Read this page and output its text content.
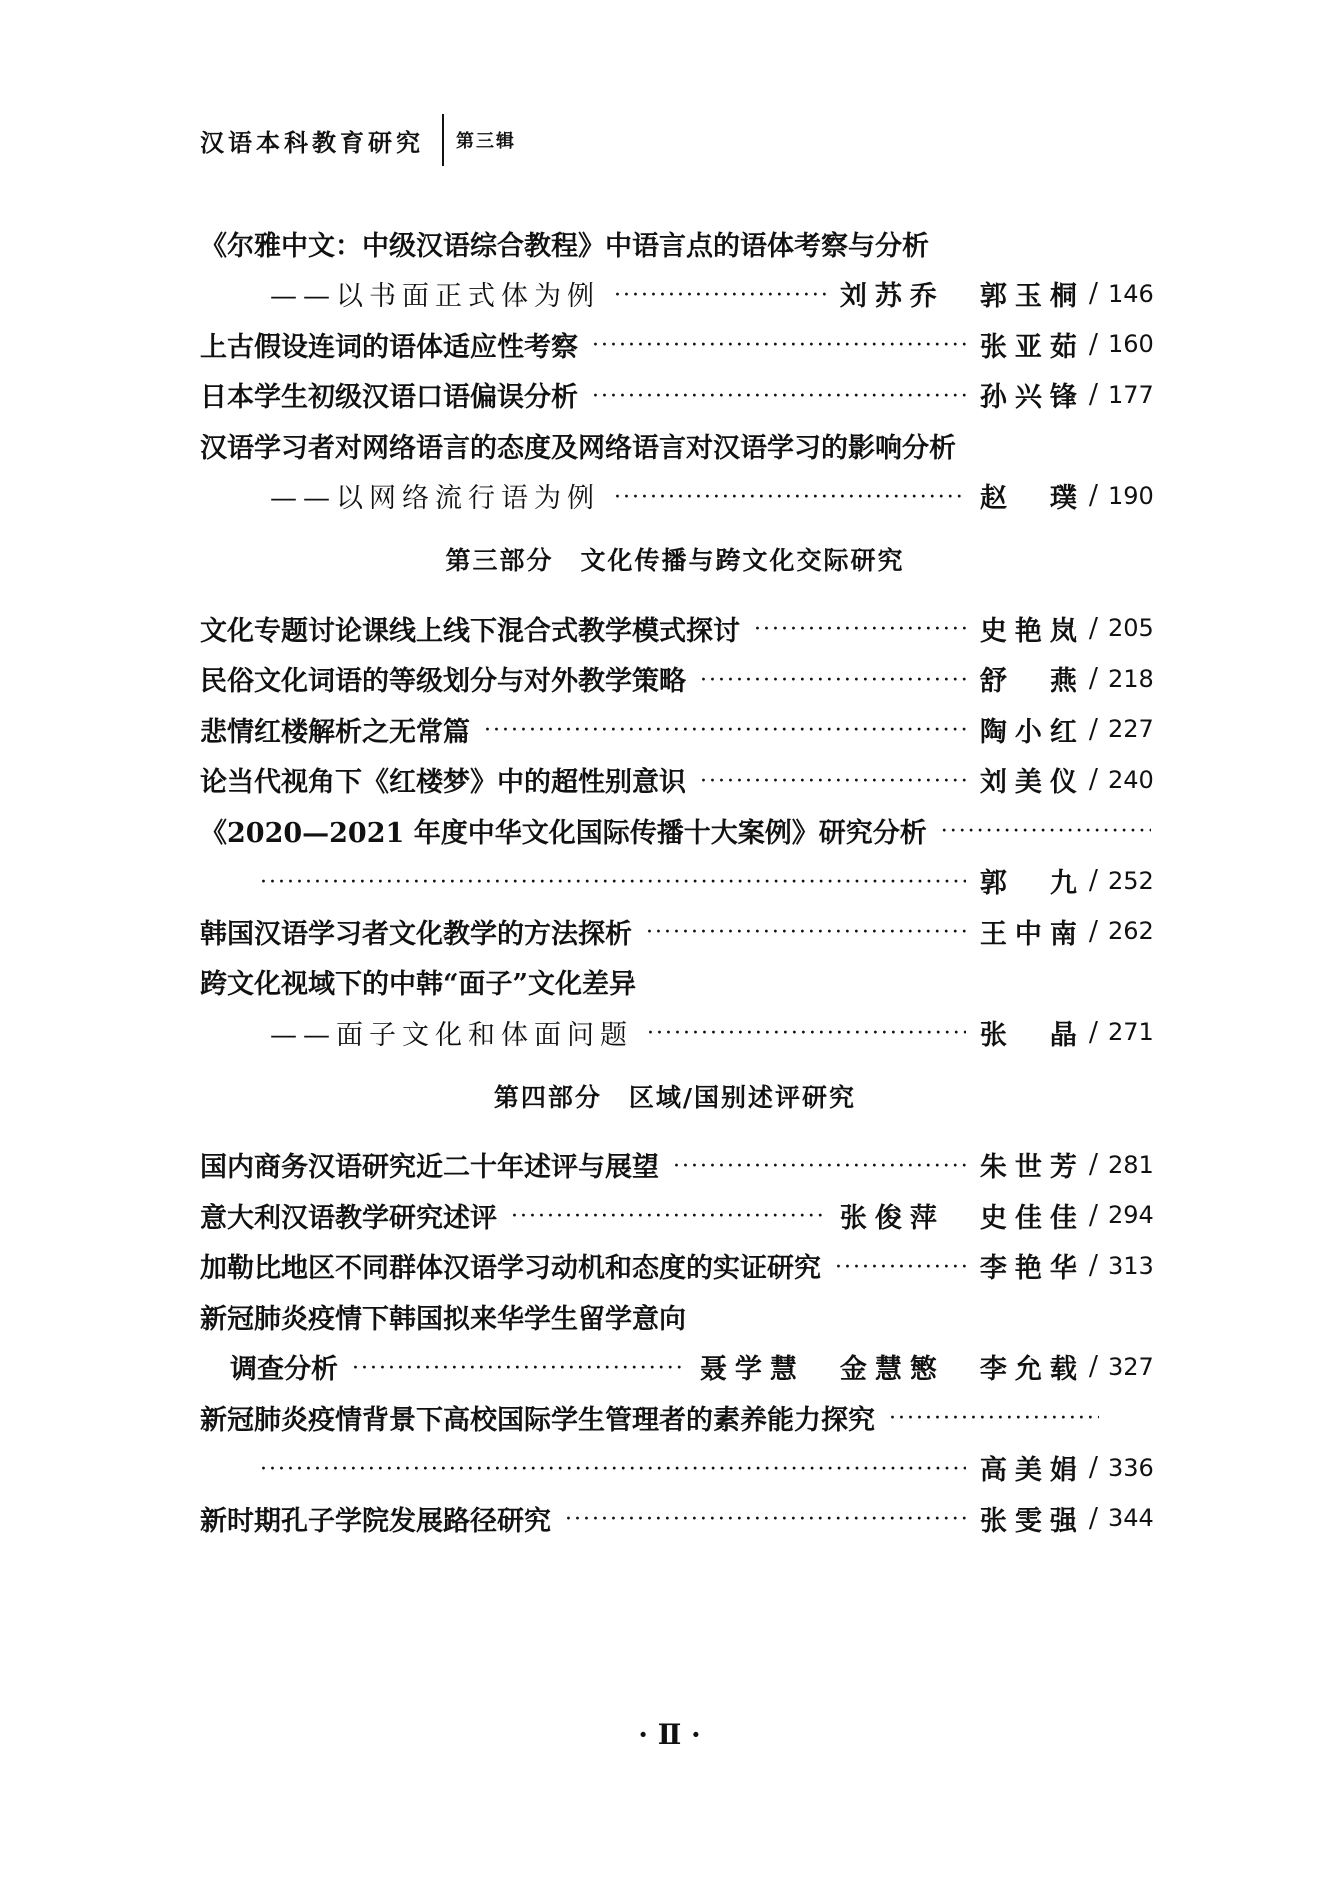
汉语本科教育研究 第三辑
《尔雅中文：中级汉语综合教程》中语言点的语体考察与分析
——以书面正式体为例 ·····	刘苏乔　郭玉桐 / 146
上古假设连词的语体适应性考察 ·····	张亚茹 / 160
日本学生初级汉语口语偏误分析 ·····	孙兴锋 / 177
汉语学习者对网络语言的态度及网络语言对汉语学习的影响分析
——以网络流行语为例 ·····	赵　璞 / 190
第三部分　文化传播与跨文化交际研究
文化专题讨论课线上线下混合式教学模式探讨 ·····	史艳岚 / 205
民俗文化词语的等级划分与对外教学策略 ·····	舒　燕 / 218
悲情红楼解析之无常篇 ·····	陶小红 / 227
论当代视角下《红楼梦》中的超性别意识 ·····	刘美仪 / 240
《2020—2021 年度中华文化国际传播十大案例》研究分析
·····
·····
郭　九 / 252
韩国汉语学习者文化教学的方法探析 ·····	王中南 / 262
跨文化视域下的中韩“面子”文化差异
——面子文化和体面问题 ·····	张　晶 / 271
第四部分　区域/国别述评研究
国内商务汉语研究近二十年述评与展望 ·····	朱世芳 / 281
意大利汉语教学研究述评 ·····	张俊萍　史佳佳 / 294
加勒比地区不同群体汉语学习动机和态度的实证研究 ·····	李艳华 / 313
新冠肺炎疫情下韩国拟来华学生留学意向
调查分析 ·····	聂学慧　金慧慜　李允载 / 327
新冠肺炎疫情背景下高校国际学生管理者的素养能力探究
·····
·····
高美娟 / 336
新时期孔子学院发展路径研究 ·····	张雯强 / 344
· Ⅱ ·
